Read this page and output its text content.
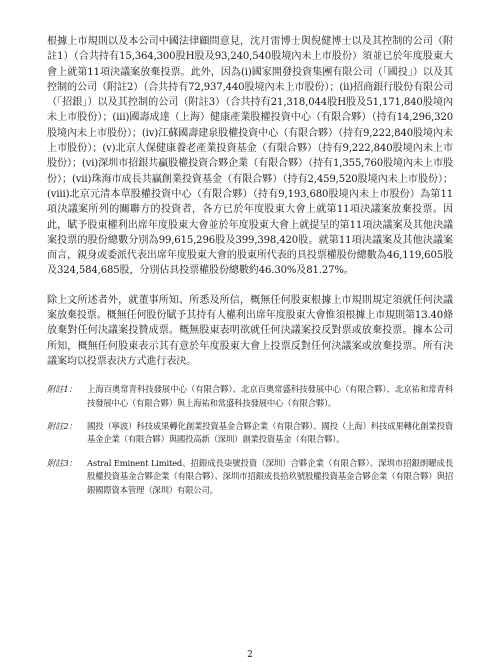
根據上市規則以及本公司中國法律顧問意見，沈月雷博士與倪健博士以及其控制的公司（附註1）（合共持有15,364,300股H股及93,240,540股境內未上市股份）須並已於年度股東大會上就第11項決議案放棄投票。此外，因為(i)國家開發投資集團有限公司（「國投」）以及其控制的公司（附註2）（合共持有72,937,440股境內未上市股份）；(ii)招商銀行股份有限公司（「招銀」）以及其控制的公司（附註3）（合共持有21,318,044股H股及51,171,840股境內未上市股份）；(iii)國壽成達（上海）健康產業股權投資中心（有限合夥）（持有14,296,320股境內未上市股份）；(iv)江蘇國壽建泉股權投資中心（有限合夥）（持有9,222,840股境內未上市股份）；(v)北京人保健康養老產業投資基金（有限合夥）（持有9,222,840股境內未上市股份）；(vi)深圳市招銀共贏股權投資合夥企業（有限合夥）（持有1,355,760股境內未上市股份）；(vii)珠海市成長共贏創業投資基金（有限合夥）（持有2,459,520股境內未上市股份）；(viii)北京元清本草股權投資中心（有限合夥）（持有9,193,680股境內未上市股份）為第11項決議案所列的關聯方的投資者，各方已於年度股東大會上就第11項決議案放棄投票。因此，賦予股東權利出席年度股東大會並於年度股東大會上就提呈的第11項決議案及其他決議案投票的股份總數分別為99,615,296股及399,398,420股。就第11項決議案及其他決議案而言，親身或委派代表出席年度股東大會的股東所代表的具投票權股份總數為46,119,605股及324,584,685股，分別佔具投票權股份總數約46.30%及81.27%。

除上文所述者外，就董事所知、所悉及所信，概無任何股東根據上市規則規定須就任何決議案放棄投票。概無任何股份賦予其持有人權利出席年度股東大會惟須根據上市規則第13.40條放棄對任何決議案投贊成票。概無股東表明欲就任何決議案投反對票或放棄投票。據本公司所知，概無任何股東表示其有意於年度股東大會上投票反對任何決議案或放棄投票。所有決議案均以投票表決方式進行表決。

附註1：	上海百奧常青科技發展中心（有限合夥）、北京百奧常盛科技發展中心（有限合夥）、北京祐和常青科技發展中心（有限合夥）與上海祐和常盛科技發展中心（有限合夥）。
附註2：	國投（寧波）科技成果轉化創業投資基金合夥企業（有限合夥）、國投（上海）科技成果轉化創業投資基金企業（有限合夥）與國投高新（深圳）創業投資基金（有限合夥）。
附註3：	Astral Eminent Limited、招銀成長柒號投資（深圳）合夥企業（有限合夥）、深圳市招銀朗曜成長股權投資基金合夥企業（有限合夥）、深圳市招銀成長拾玖號股權投資基金合夥企業（有限合夥）與招銀國際資本管理（深圳）有限公司。
2
